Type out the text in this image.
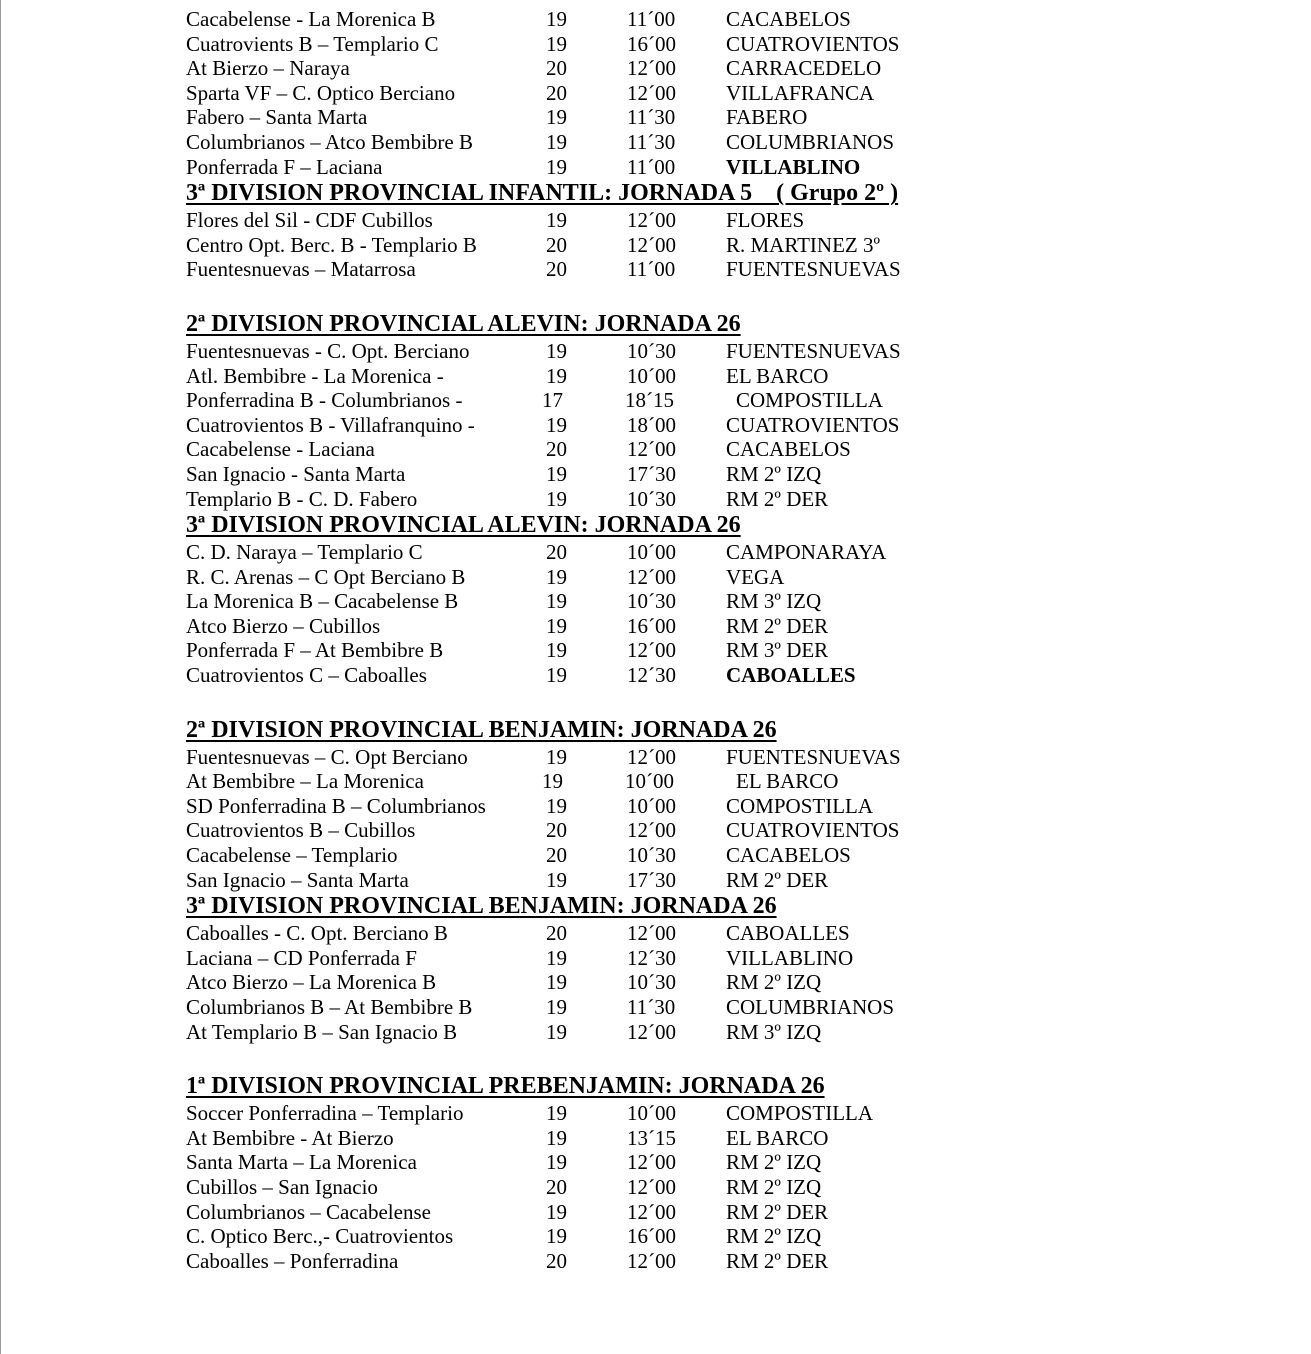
Cacabelense - La Morenica B	19	11´00 CACABELOS
Cuatrovients B – Templario C	19	16´00 CUATROVIENTOS
At Bierzo – Naraya	20	12´00 CARRACEDELO
Sparta VF – C. Optico Berciano	20	12´00 VILLAFRANCA
Fabero – Santa Marta	19	11´30 FABERO
Columbrianos – Atco Bembibre B	19	11´30 COLUMBRIANOS
Ponferrada F – Laciana	19	11´00 VILLABLINO
3ª DIVISION PROVINCIAL INFANTIL: JORNADA 5    ( Grupo 2º )
Flores del Sil - CDF Cubillos	19	12´00 FLORES
Centro Opt. Berc. B - Templario B	20	12´00 R. MARTINEZ 3º
Fuentesnuevas – Matarrosa	20	11´00 FUENTESNUEVAS
2ª DIVISION PROVINCIAL ALEVIN: JORNADA 26
Fuentesnuevas - C. Opt. Berciano	19	10´30 FUENTESNUEVAS
Atl. Bembibre - La Morenica -	19	10´00 EL BARCO
Ponferradina B - Columbrianos -	17	18´15	COMPOSTILLA
Cuatrovientos B - Villafranquino -	19	18´00 CUATROVIENTOS
Cacabelense - Laciana	20	12´00 CACABELOS
San Ignacio - Santa Marta	19	17´30 RM 2º IZQ
Templario B - C. D. Fabero	19	10´30 RM 2º DER
3ª DIVISION PROVINCIAL ALEVIN: JORNADA 26
C. D. Naraya – Templario C	20	10´00 CAMPONARAYA
R. C. Arenas – C Opt Berciano B	19	12´00 VEGA
La Morenica B – Cacabelense B	19	10´30 RM 3º IZQ
Atco Bierzo – Cubillos	19	16´00 RM 2º DER
Ponferrada F – At Bembibre B	19	12´00 RM 3º DER
Cuatrovientos C – Caboalles	19	12´30 CABOALLES
2ª DIVISION PROVINCIAL BENJAMIN: JORNADA 26
Fuentesnuevas – C. Opt Berciano	19	12´00 FUENTESNUEVAS
At Bembibre – La Morenica	19	10´00	EL BARCO
SD Ponferradina B – Columbrianos	19	10´00 COMPOSTILLA
Cuatrovientos B – Cubillos	20	12´00 CUATROVIENTOS
Cacabelense – Templario	20	10´30 CACABELOS
San Ignacio – Santa Marta	19	17´30 RM 2º DER
3ª DIVISION PROVINCIAL BENJAMIN: JORNADA 26
Caboalles - C. Opt. Berciano B	20	12´00 CABOALLES
Laciana – CD Ponferrada F	19	12´30 VILLABLINO
Atco Bierzo – La Morenica B	19	10´30 RM 2º IZQ
Columbrianos B – At Bembibre B	19	11´30 COLUMBRIANOS
At Templario B – San Ignacio B	19	12´00 RM 3º IZQ
1ª DIVISION PROVINCIAL PREBENJAMIN: JORNADA 26
Soccer Ponferradina – Templario	19	10´00 COMPOSTILLA
At Bembibre - At Bierzo	19	13´15 EL BARCO
Santa Marta – La Morenica	19	12´00 RM 2º IZQ
Cubillos – San Ignacio	20	12´00 RM 2º IZQ
Columbrianos – Cacabelense	19	12´00 RM 2º DER
C. Optico Berc.,- Cuatrovientos	19	16´00 RM 2º IZQ
Caboalles – Ponferradina	20	12´00 RM 2º DER
